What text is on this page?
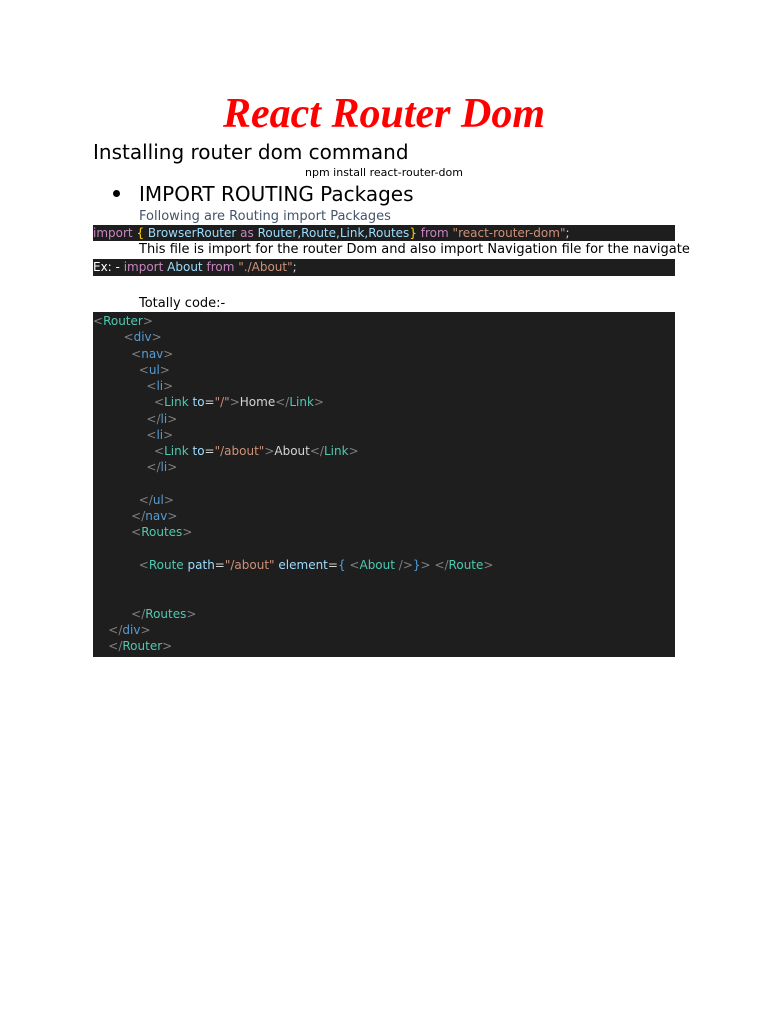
React Router Dom
Installing router dom command
npm install react-router-dom
IMPORT ROUTING Packages
Following are Routing import Packages
import { BrowserRouter as Router,Route,Link,Routes} from "react-router-dom";
This file is import for the router Dom and also import Navigation file for the navigate
Ex: - import About from "./About";
Totally code:-
<Router>
<div>
<nav>
<ul>
<li>
<Link to="/">Home</Link>
</li>
<li>
<Link to="/about">About</Link>
</li>

</ul>
</nav>
<Routes>

<Route path="/about" element={ <About />}> </Route>

</Routes>
</div>
</Router>
